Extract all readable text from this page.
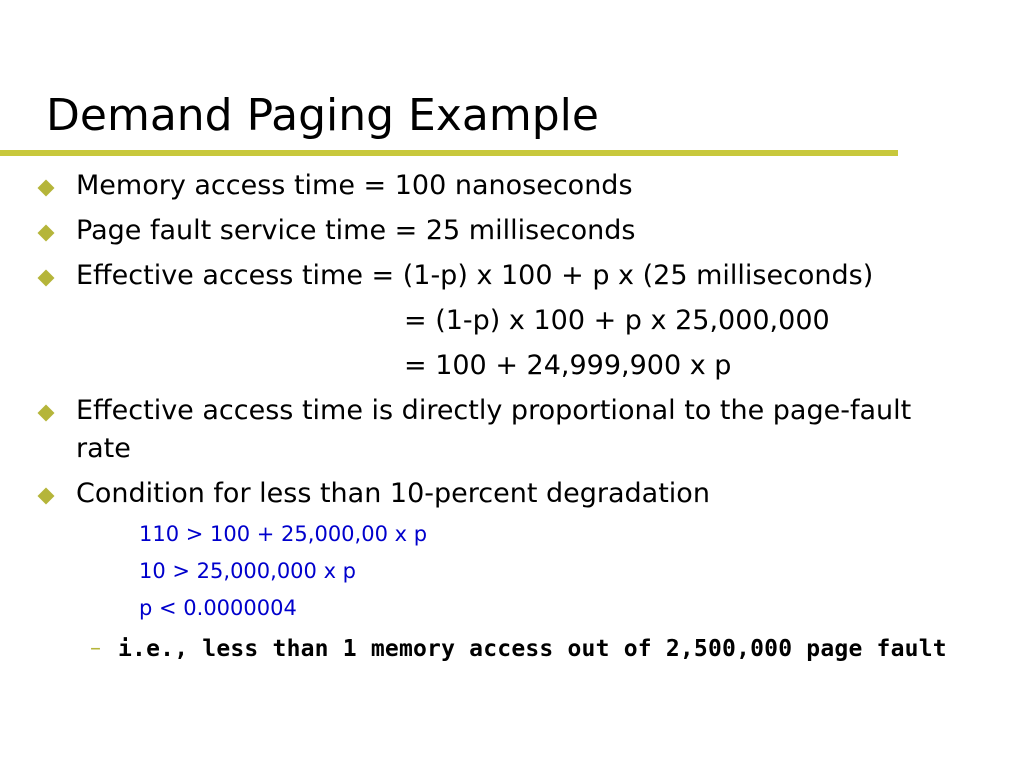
Demand Paging Example
Memory access time = 100 nanoseconds
Page fault service time = 25 milliseconds
Effective access time = (1-p) x 100 + p x (25 milliseconds)
= (1-p) x 100 + p x 25,000,000
= 100 + 24,999,900 x p
Effective access time is directly proportional to the page-fault
rate
Condition for less than 10-percent degradation
110 > 100 + 25,000,00 x p
10 > 25,000,000 x p
p < 0.0000004
– i.e., less than 1 memory access out of 2,500,000 page fault
